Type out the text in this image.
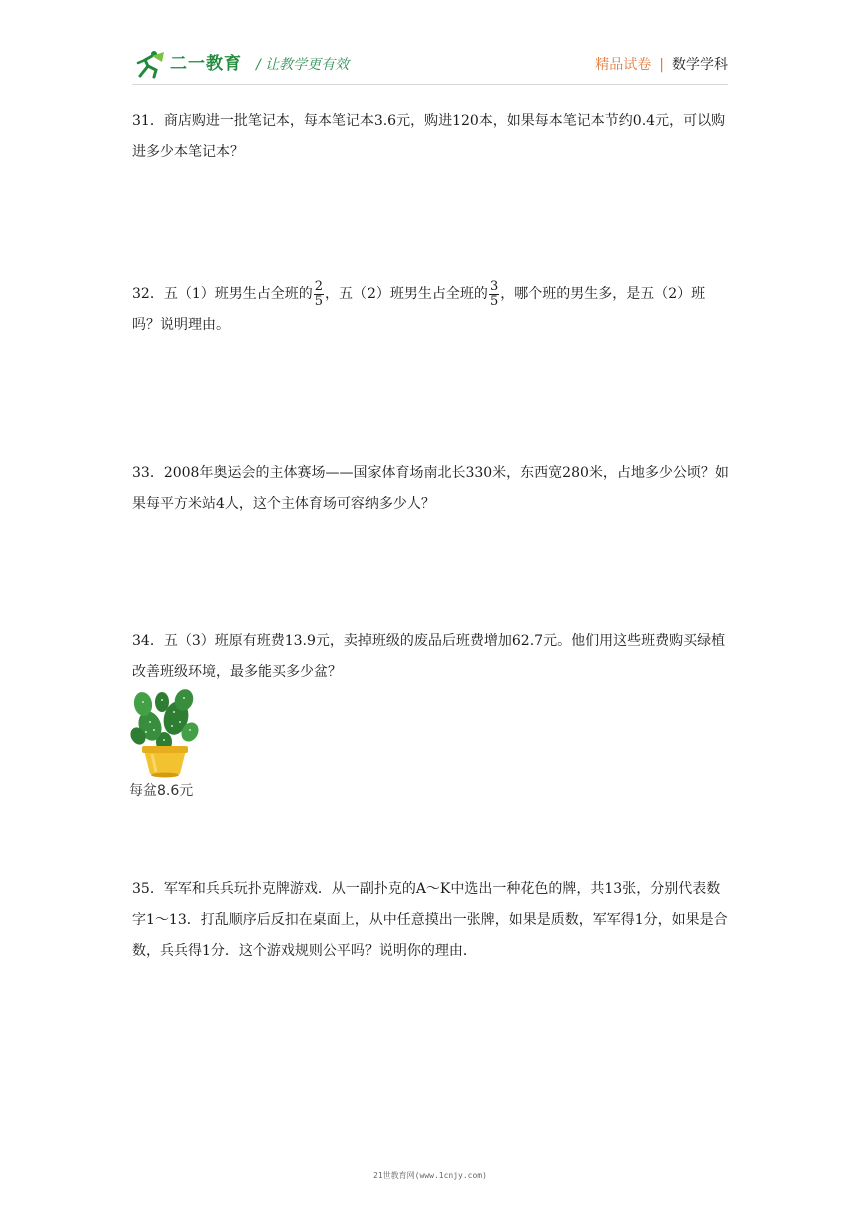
二一教育 / 让教学更有效	精品试卷 | 数学学科

31．商店购进一批笔记本，每本笔记本3.6元，购进120本，如果每本笔记本节约0.4元，可以购进多少本笔记本？

32．五（1）班男生占全班的 $\frac{2}{5}$ ，五（2）班男生占全班的 $\frac{3}{5}$ ，哪个班的男生多，是五（2）班吗？说明理由。

33．2008年奥运会的主体赛场——国家体育场南北长330米，东西宽280米，占地多少公顷？如果每平方米站4人，这个主体育场可容纳多少人？

34．五（3）班原有班费13.9元，卖掉班级的废品后班费增加62.7元。他们用这些班费购买绿植改善班级环境，最多能买多少盆？

每盆8.6元

35．军军和兵兵玩扑克牌游戏．从一副扑克的A～K中选出一种花色的牌，共13张，分别代表数字1～13．打乱顺序后反扣在桌面上，从中任意摸出一张牌，如果是质数，军军得1分，如果是合数，兵兵得1分．这个游戏规则公平吗？说明你的理由．

21世教育网(www.1cnjy.com)
